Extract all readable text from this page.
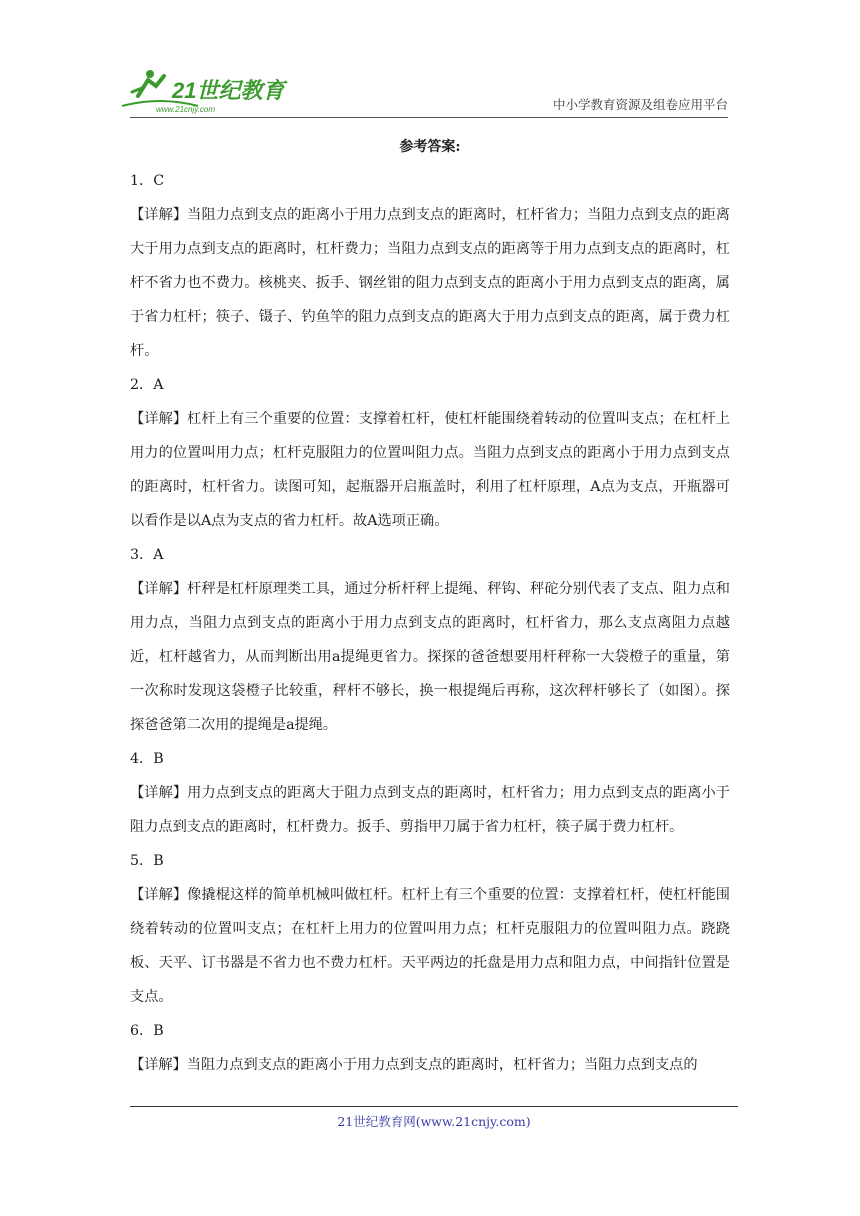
21世纪教育
www.21cnjy.com	中小学教育资源及组卷应用平台
参考答案:
1．C
【详解】当阻力点到支点的距离小于用力点到支点的距离时，杠杆省力；当阻力点到支点的距离大于用力点到支点的距离时，杠杆费力；当阻力点到支点的距离等于用力点到支点的距离时，杠杆不省力也不费力。核桃夹、扳手、钢丝钳的阻力点到支点的距离小于用力点到支点的距离，属于省力杠杆；筷子、镊子、钓鱼竿的阻力点到支点的距离大于用力点到支点的距离，属于费力杠杆。
2．A
【详解】杠杆上有三个重要的位置：支撑着杠杆，使杠杆能围绕着转动的位置叫支点；在杠杆上用力的位置叫用力点；杠杆克服阻力的位置叫阻力点。当阻力点到支点的距离小于用力点到支点的距离时，杠杆省力。读图可知，起瓶器开启瓶盖时，利用了杠杆原理，A点为支点，开瓶器可以看作是以A点为支点的省力杠杆。故A选项正确。
3．A
【详解】杆秤是杠杆原理类工具，通过分析杆秤上提绳、秤钩、秤砣分别代表了支点、阻力点和用力点，当阻力点到支点的距离小于用力点到支点的距离时，杠杆省力，那么支点离阻力点越近，杠杆越省力，从而判断出用a提绳更省力。探探的爸爸想要用杆秤称一大袋橙子的重量，第一次称时发现这袋橙子比较重，秤杆不够长，换一根提绳后再称，这次秤杆够长了（如图）。探探爸爸第二次用的提绳是a提绳。
4．B
【详解】用力点到支点的距离大于阻力点到支点的距离时，杠杆省力；用力点到支点的距离小于阻力点到支点的距离时，杠杆费力。扳手、剪指甲刀属于省力杠杆，筷子属于费力杠杆。
5．B
【详解】像撬棍这样的简单机械叫做杠杆。杠杆上有三个重要的位置：支撑着杠杆，使杠杆能围绕着转动的位置叫支点；在杠杆上用力的位置叫用力点；杠杆克服阻力的位置叫阻力点。跷跷板、天平、订书器是不省力也不费力杠杆。天平两边的托盘是用力点和阻力点，中间指针位置是支点。
6．B
【详解】当阻力点到支点的距离小于用力点到支点的距离时，杠杆省力；当阻力点到支点的
21世纪教育网(www.21cnjy.com)
